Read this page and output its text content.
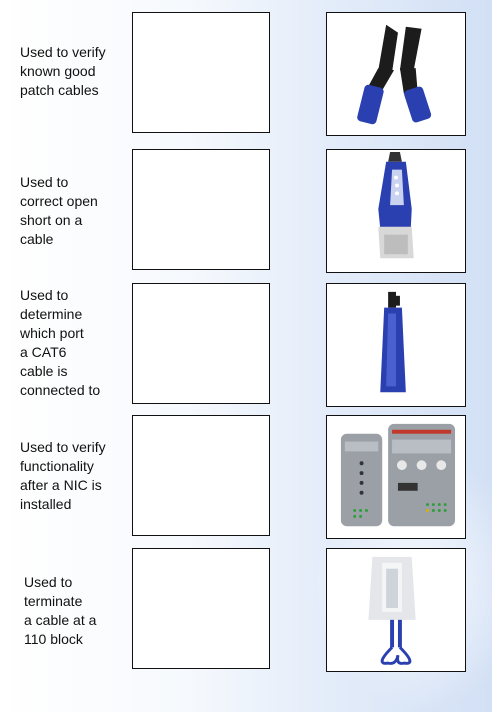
Used to verify
known good
patch cables
Used to
correct open
short on a
cable
Used to
determine
which port
a CAT6
cable is
connected to
Used to verify
functionality
after a NIC is
installed
Used to
terminate
a cable at a
110 block
